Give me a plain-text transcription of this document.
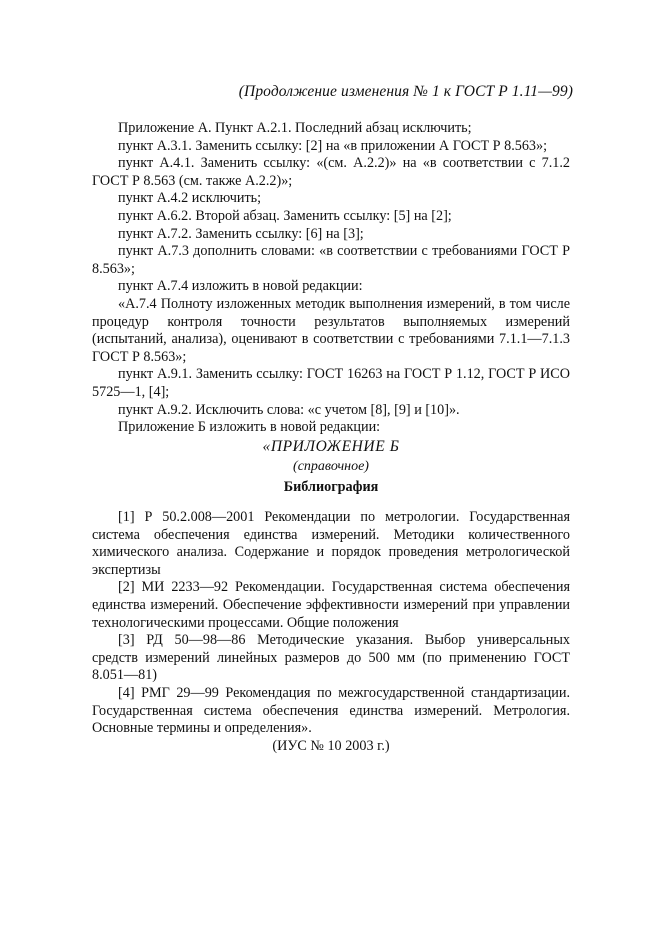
(Продолжение изменения № 1 к ГОСТ Р 1.11—99)

Приложение А. Пункт А.2.1. Последний абзац исключить;

пункт А.3.1. Заменить ссылку: [2] на «в приложении А ГОСТ Р 8.563»;

пункт А.4.1. Заменить ссылку: «(см. А.2.2)» на «в соответствии с 7.1.2 ГОСТ Р 8.563 (см. также А.2.2)»;

пункт А.4.2 исключить;

пункт А.6.2. Второй абзац. Заменить ссылку: [5] на [2];

пункт А.7.2. Заменить ссылку: [6] на [3];

пункт А.7.3 дополнить словами: «в соответствии с требованиями ГОСТ Р 8.563»;

пункт А.7.4 изложить в новой редакции:

«А.7.4 Полноту изложенных методик выполнения измерений, в том числе процедур контроля точности результатов выполняемых измерений (испытаний, анализа), оценивают в соответствии с требованиями 7.1.1—7.1.3 ГОСТ Р 8.563»;

пункт А.9.1. Заменить ссылку: ГОСТ 16263 на ГОСТ Р 1.12, ГОСТ Р ИСО 5725—1, [4];

пункт А.9.2. Исключить слова: «с учетом [8], [9] и [10]».

Приложение Б изложить в новой редакции:

«ПРИЛОЖЕНИЕ Б
(справочное)
Библиография

[1] Р 50.2.008—2001 Рекомендации по метрологии. Государственная система обеспечения единства измерений. Методики количественного химического анализа. Содержание и порядок проведения метрологической экспертизы

[2] МИ 2233—92 Рекомендации. Государственная система обеспечения единства измерений. Обеспечение эффективности измерений при управлении технологическими процессами. Общие положения

[3] РД 50—98—86 Методические указания. Выбор универсальных средств измерений линейных размеров до 500 мм (по применению ГОСТ 8.051—81)

[4] РМГ 29—99 Рекомендация по межгосударственной стандартизации. Государственная система обеспечения единства измерений. Метрология. Основные термины и определения».

(ИУС № 10 2003 г.)
